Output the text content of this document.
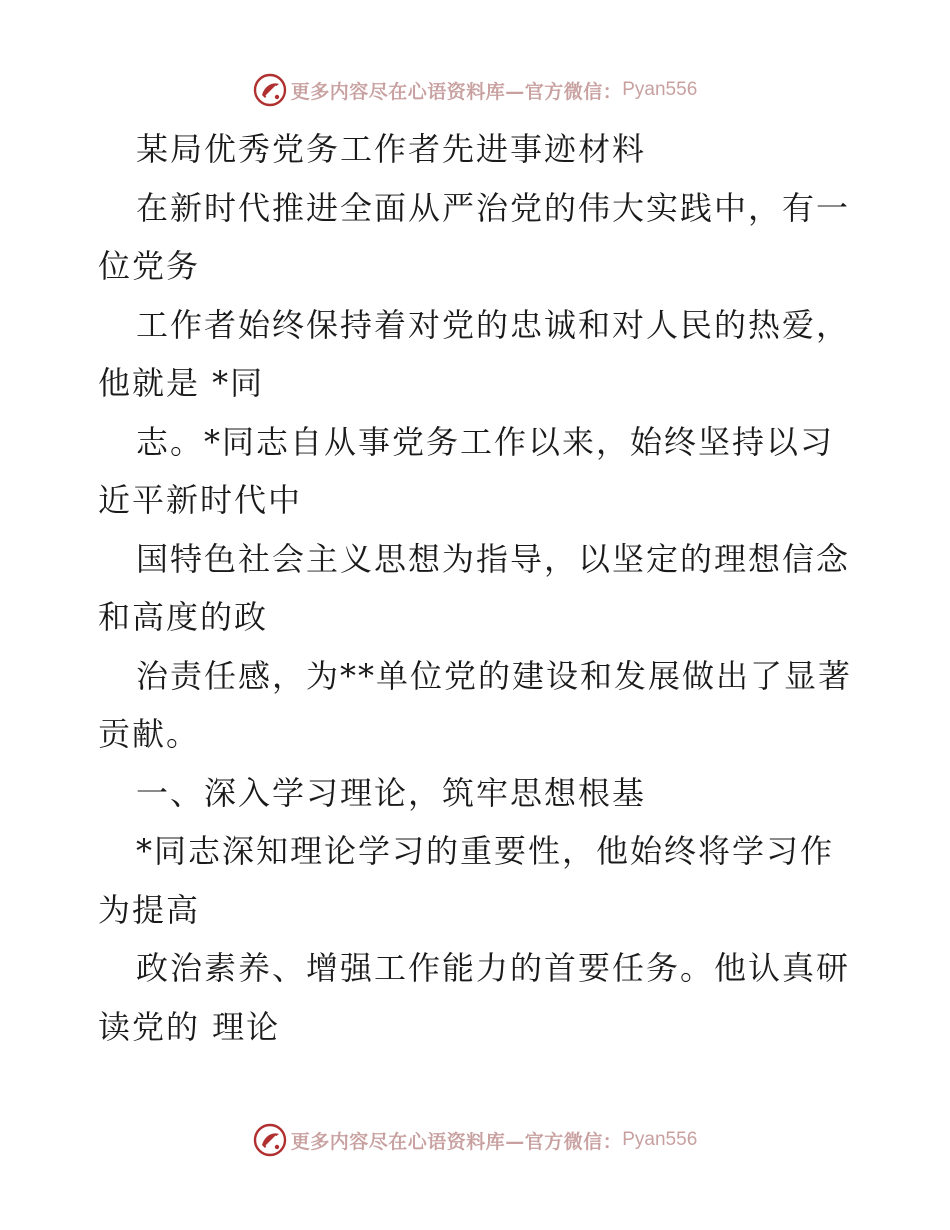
更多内容尽在心语资料库—官方微信： Pyan556
某局优秀党务工作者先进事迹材料
在新时代推进全面从严治党的伟大实践中，有一
位党务
工作者始终保持着对党的忠诚和对人民的热爱，
他就是 *同
志。*同志自从事党务工作以来，始终坚持以习
近平新时代中
国特色社会主义思想为指导，以坚定的理想信念
和高度的政
治责任感，为**单位党的建设和发展做出了显著
贡献。
一、深入学习理论，筑牢思想根基
*同志深知理论学习的重要性，他始终将学习作
为提高
政治素养、增强工作能力的首要任务。他认真研
读党的 理论
更多内容尽在心语资料库—官方微信： Pyan556
